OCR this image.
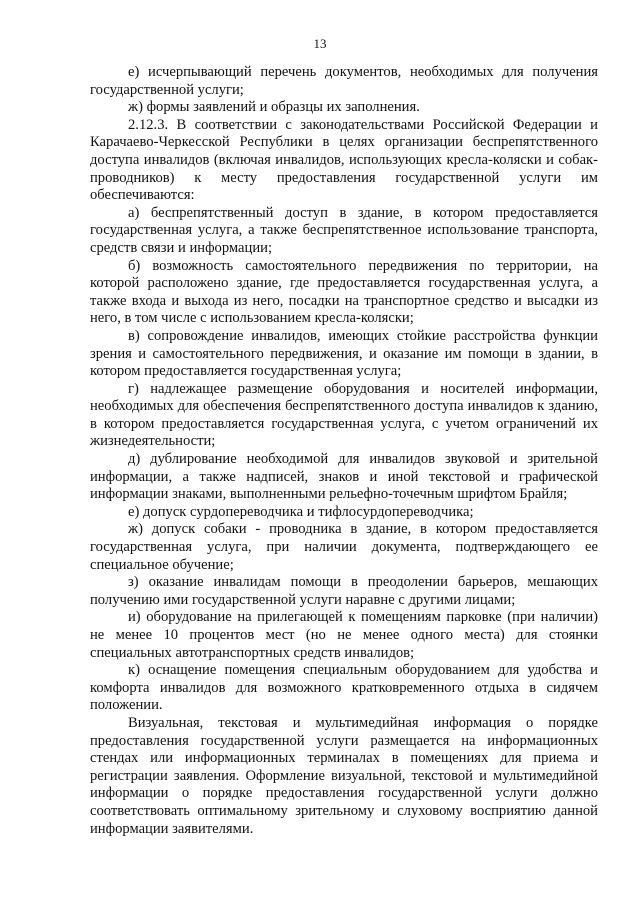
13

е) исчерпывающий перечень документов, необходимых для получения государственной услуги;

ж) формы заявлений и образцы их заполнения.

2.12.3. В соответствии с законодательствами Российской Федерации и Карачаево-Черкесской Республики в целях организации беспрепятственного доступа инвалидов (включая инвалидов, использующих кресла-коляски и собак-проводников) к месту предоставления государственной услуги им обеспечиваются:

а) беспрепятственный доступ в здание, в котором предоставляется государственная услуга, а также беспрепятственное использование транспорта, средств связи и информации;

б) возможность самостоятельного передвижения по территории, на которой расположено здание, где предоставляется государственная услуга, а также входа и выхода из него, посадки на транспортное средство и высадки из него, в том числе с использованием кресла-коляски;

в) сопровождение инвалидов, имеющих стойкие расстройства функции зрения и самостоятельного передвижения, и оказание им помощи в здании, в котором предоставляется государственная услуга;

г) надлежащее размещение оборудования и носителей информации, необходимых для обеспечения беспрепятственного доступа инвалидов к зданию, в котором предоставляется государственная услуга, с учетом ограничений их жизнедеятельности;

д) дублирование необходимой для инвалидов звуковой и зрительной информации, а также надписей, знаков и иной текстовой и графической информации знаками, выполненными рельефно-точечным шрифтом Брайля;

е) допуск сурдопереводчика и тифлосурдопереводчика;

ж) допуск собаки - проводника в здание, в котором предоставляется государственная услуга, при наличии документа, подтверждающего ее специальное обучение;

з) оказание инвалидам помощи в преодолении барьеров, мешающих получению ими государственной услуги наравне с другими лицами;

и) оборудование на прилегающей к помещениям парковке (при наличии) не менее 10 процентов мест (но не менее одного места) для стоянки специальных автотранспортных средств инвалидов;

к) оснащение помещения специальным оборудованием для удобства и комфорта инвалидов для возможного кратковременного отдыха в сидячем положении.

Визуальная, текстовая и мультимедийная информация о порядке предоставления государственной услуги размещается на информационных стендах или информационных терминалах в помещениях для приема и регистрации заявления. Оформление визуальной, текстовой и мультимедийной информации о порядке предоставления государственной услуги должно соответствовать оптимальному зрительному и слуховому восприятию данной информации заявителями.
